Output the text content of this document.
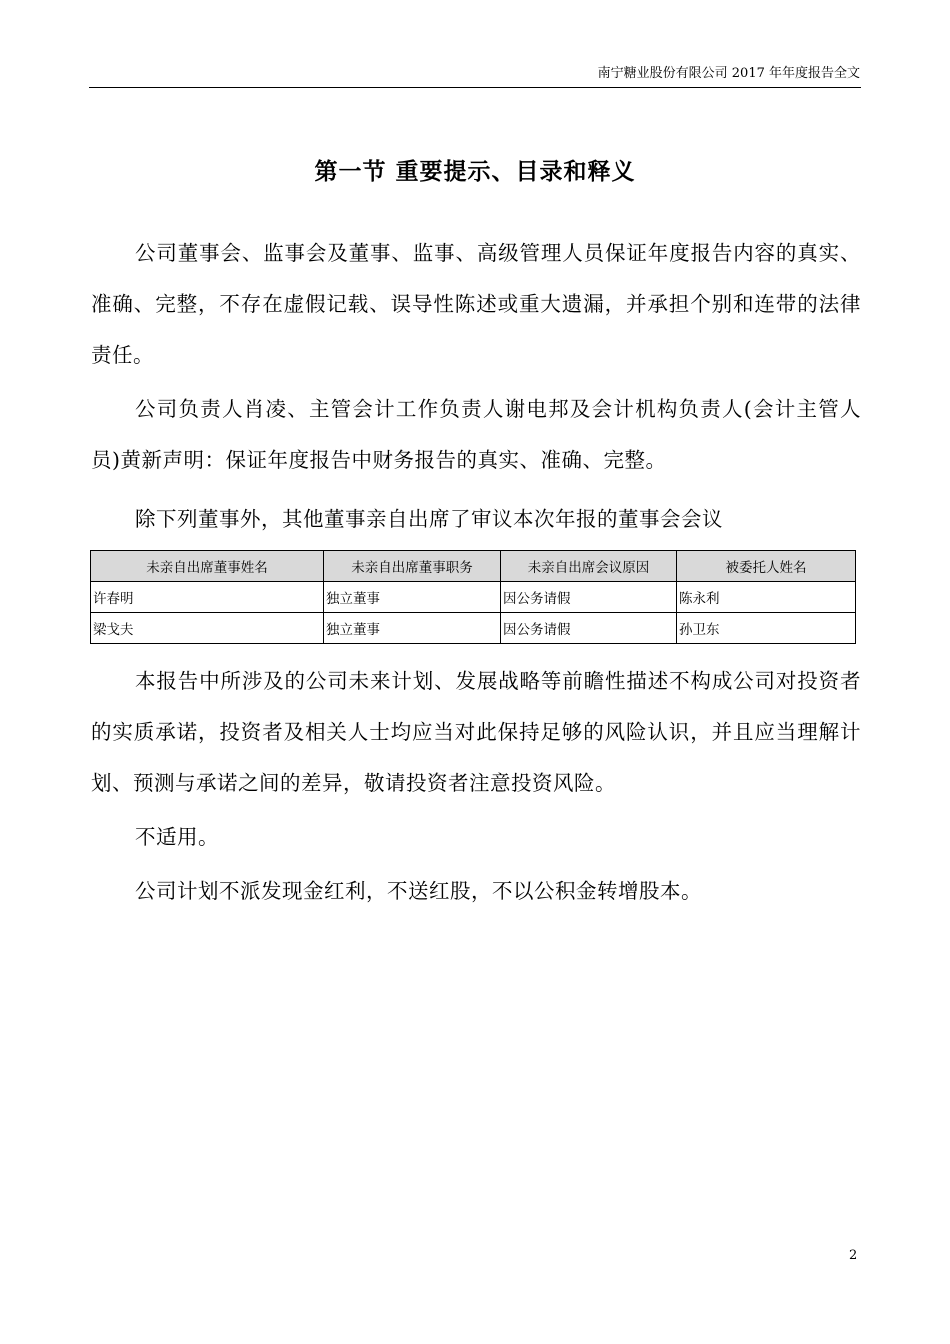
南宁糖业股份有限公司 2017 年年度报告全文
第一节 重要提示、目录和释义

公司董事会、监事会及董事、监事、高级管理人员保证年度报告内容的真实、准确、完整，不存在虚假记载、误导性陈述或重大遗漏，并承担个别和连带的法律责任。

公司负责人肖凌、主管会计工作负责人谢电邦及会计机构负责人(会计主管人员)黄新声明：保证年度报告中财务报告的真实、准确、完整。

除下列董事外，其他董事亲自出席了审议本次年报的董事会会议

未亲自出席董事姓名	未亲自出席董事职务	未亲自出席会议原因	被委托人姓名
许春明	独立董事	因公务请假	陈永利
梁戈夫	独立董事	因公务请假	孙卫东

本报告中所涉及的公司未来计划、发展战略等前瞻性描述不构成公司对投资者的实质承诺，投资者及相关人士均应当对此保持足够的风险认识，并且应当理解计划、预测与承诺之间的差异，敬请投资者注意投资风险。

不适用。

公司计划不派发现金红利，不送红股，不以公积金转增股本。

2
